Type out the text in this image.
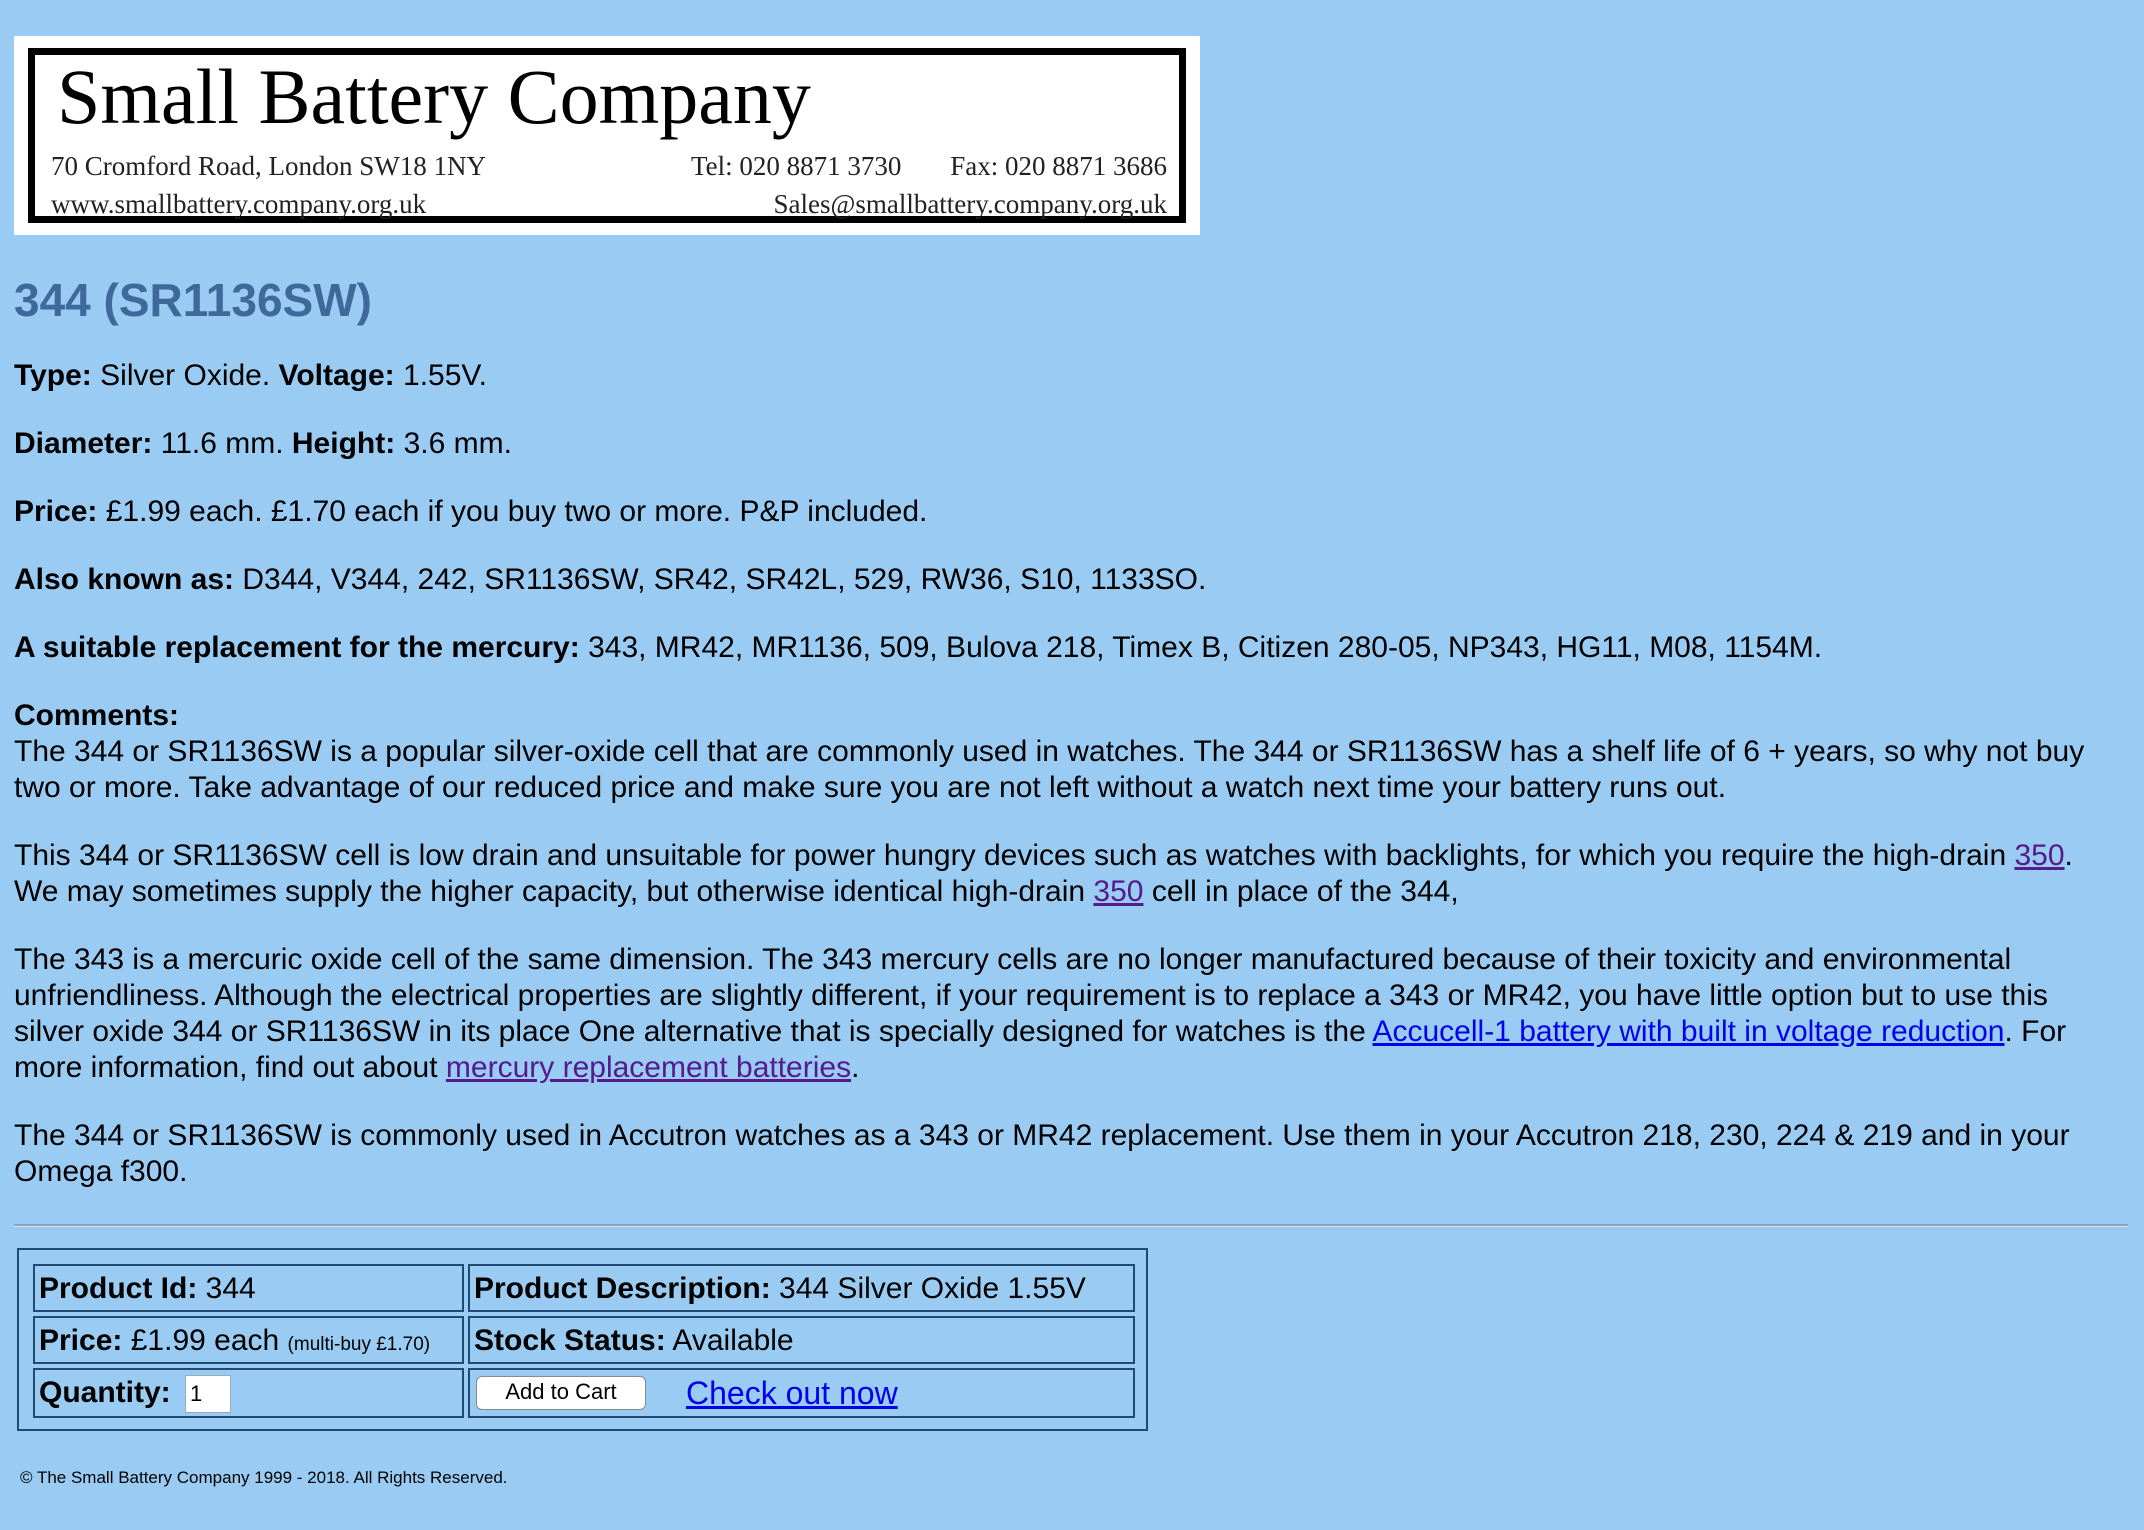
Small Battery Company
70 Cromford Road, London SW18 1NY	Tel: 020 8871 3730 Fax: 020 8871 3686
www.smallbattery.company.org.uk	Sales@smallbattery.company.org.uk
344 (SR1136SW)

Type: Silver Oxide. Voltage: 1.55V.

Diameter: 11.6 mm. Height: 3.6 mm.

Price: £1.99 each. £1.70 each if you buy two or more. P&P included.

Also known as: D344, V344, 242, SR1136SW, SR42, SR42L, 529, RW36, S10, 1133SO.

A suitable replacement for the mercury: 343, MR42, MR1136, 509, Bulova 218, Timex B, Citizen 280-05, NP343, HG11, M08, 1154M.

Comments:
The 344 or SR1136SW is a popular silver-oxide cell that are commonly used in watches. The 344 or SR1136SW has a shelf life of 6 + years, so why not buy two or more. Take advantage of our reduced price and make sure you are not left without a watch next time your battery runs out.

This 344 or SR1136SW cell is low drain and unsuitable for power hungry devices such as watches with backlights, for which you require the high-drain 350. We may sometimes supply the higher capacity, but otherwise identical high-drain 350 cell in place of the 344,

The 343 is a mercuric oxide cell of the same dimension. The 343 mercury cells are no longer manufactured because of their toxicity and environmental unfriendliness. Although the electrical properties are slightly different, if your requirement is to replace a 343 or MR42, you have little option but to use this silver oxide 344 or SR1136SW in its place One alternative that is specially designed for watches is the Accucell-1 battery with built in voltage reduction. For more information, find out about mercury replacement batteries.

The 344 or SR1136SW is commonly used in Accutron watches as a 343 or MR42 replacement. Use them in your Accutron 218, 230, 224 & 219 and in your Omega f300.

Product Id: 344	Product Description: 344 Silver Oxide 1.55V
Price: £1.99 each (multi-buy £1.70)	Stock Status: Available
Quantity: 1	Add to Cart	Check out now
© The Small Battery Company 1999 - 2018. All Rights Reserved.
